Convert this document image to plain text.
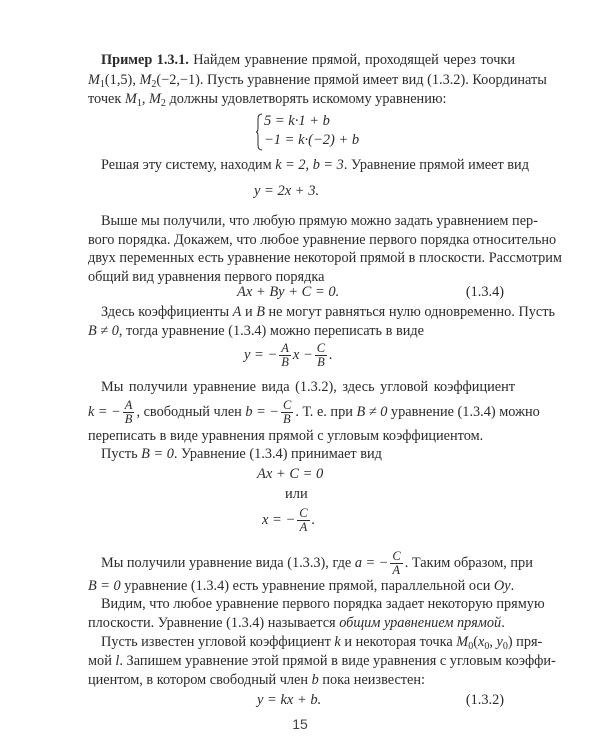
Пример 1.3.1. Найдем уравнение прямой, проходящей через точки
$M_1(1,5)$, $M_2(-2,-1)$. Пусть уравнение прямой имеет вид (1.3.2). Координаты
точек $M_1$, $M_2$ должны удовлетворять искомому уравнению:
5 = k·1 + b
−1 = k·(−2) + b
Решая эту систему, находим k = 2, b = 3. Уравнение прямой имеет вид
y = 2x + 3.
Выше мы получили, что любую прямую можно задать уравнением пер-
вого порядка. Докажем, что любое уравнение первого порядка относительно
двух переменных есть уравнение некоторой прямой в плоскости. Рассмотрим
общий вид уравнения первого порядка
Ax + By + C = 0.	(1.3.4)
Здесь коэффициенты A и B не могут равняться нулю одновременно. Пусть
B ≠ 0, тогда уравнение (1.3.4) можно переписать в виде
y = − $\frac{A}{B}$ $x - \frac{C}{B}$ .
Мы получили уравнение вида (1.3.2), здесь угловой коэффициент
k = − $\frac{A}{B}$ , свободный член b = − $\frac{C}{B}$ . Т. е. при B ≠ 0 уравнение (1.3.4) можно
переписать в виде уравнения прямой с угловым коэффициентом.
Пусть B = 0. Уравнение (1.3.4) принимает вид
Ax + C = 0
или
x = − $\frac{C}{A}$ .
Мы получили уравнение вида (1.3.3), где a = − $\frac{C}{A}$ . Таким образом, при
B = 0 уравнение (1.3.4) есть уравнение прямой, параллельной оси Oy.
Видим, что любое уравнение первого порядка задает некоторую прямую
плоскости. Уравнение (1.3.4) называется общим уравнением прямой.
Пусть известен угловой коэффициент k и некоторая точка $M_0(x_0$, $y_0$) пря-
мой l. Запишем уравнение этой прямой в виде уравнения с угловым коэффи-
циентом, в котором свободный член b пока неизвестен:
y = kx + b.	(1.3.2)
15
